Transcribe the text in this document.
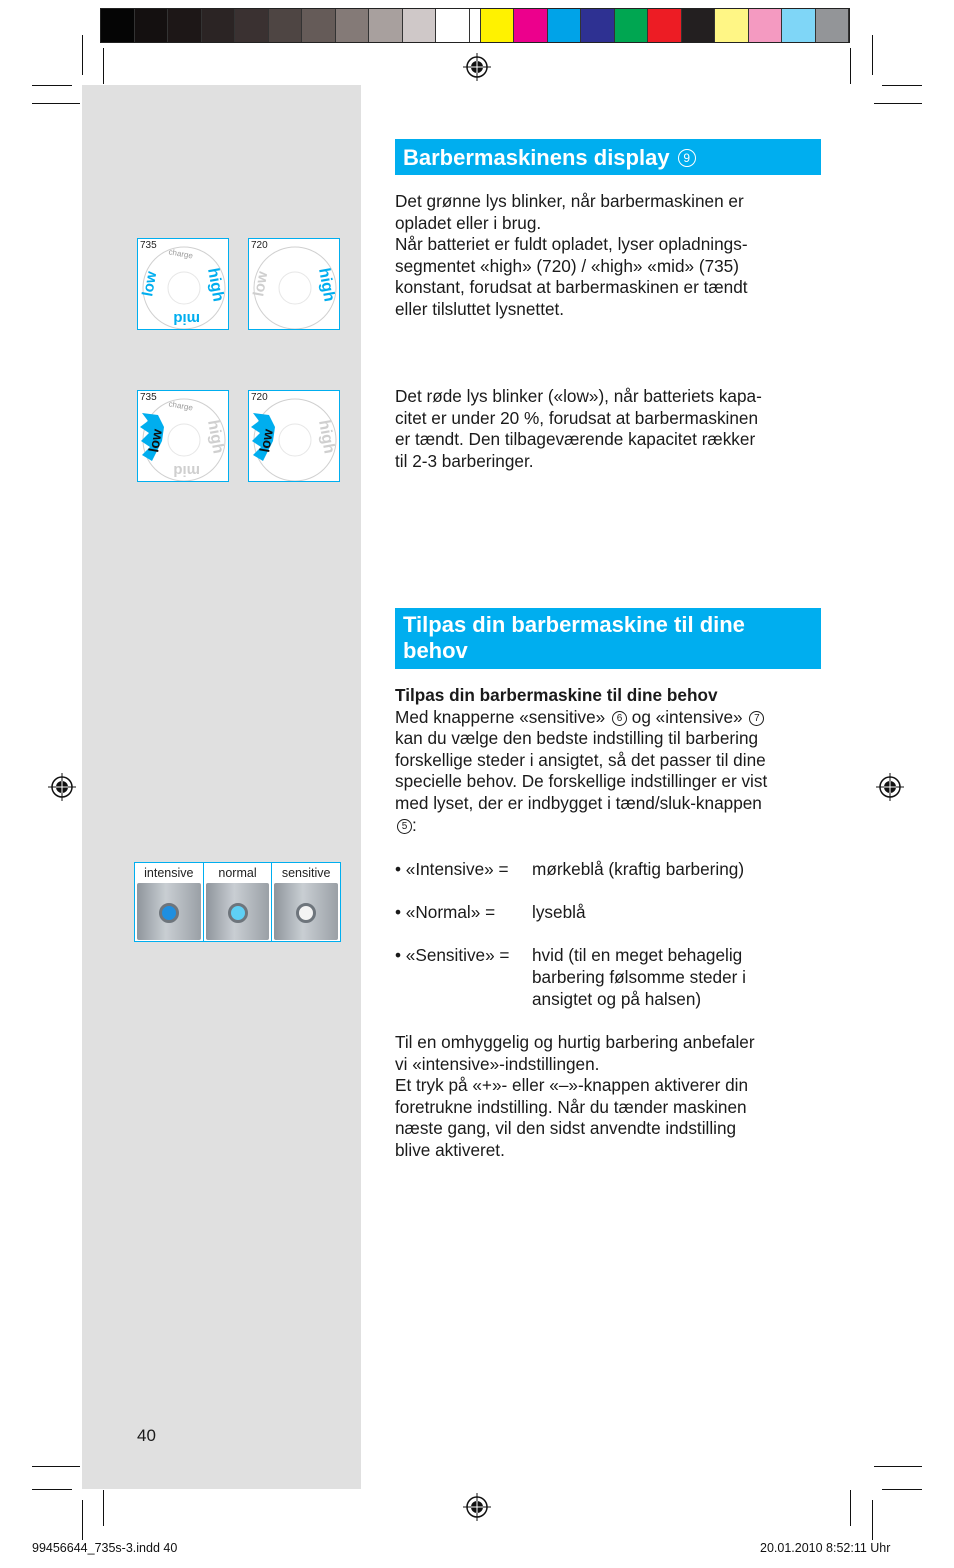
low
mid
high
charge
735
low	high
720
low
mid
high
charge
735
low high
720
intensive	normal	sensitive
Barbermaskinens display 9
Det grønne lys blinker, når barbermaskinen er
opladet eller i brug.
Når batteriet er fuldt opladet, lyser opladnings-
segmentet «high» (720) / «high» «mid» (735)
konstant, forudsat at barbermaskinen er tændt
eller tilsluttet lysnettet.
Det røde lys blinker («low»), når batteriets kapa-
citet er under 20 %, forudsat at barbermaskinen
er tændt. Den tilbageværende kapacitet rækker
til 2-3 barberinger.
Tilpas din barbermaskine til dine
behov
Tilpas din barbermaskine til dine behov
Med knapperne «sensitive» 6 og «intensive» 7
kan du vælge den bedste indstilling til barbering
forskellige steder i ansigtet, så det passer til dine
specielle behov. De forskellige indstillinger er vist
med lyset, der er indbygget i tænd/sluk-knappen
5 :
• «Intensive» =	mørkeblå (kraftig barbering)
• «Normal» =	lyseblå
• «Sensitive» =	hvid (til en meget behagelig
barbering følsomme steder i
ansigtet og på halsen)
Til en omhyggelig og hurtig barbering anbefaler
vi «intensive»-indstillingen.
Et tryk på «+»- eller «–»-knappen aktiverer din
foretrukne indstilling. Når du tænder maskinen
næste gang, vil den sidst anvendte indstilling
blive aktiveret.
40
99456644_735s-3.indd 40	20.01.2010 8:52:11 Uhr
